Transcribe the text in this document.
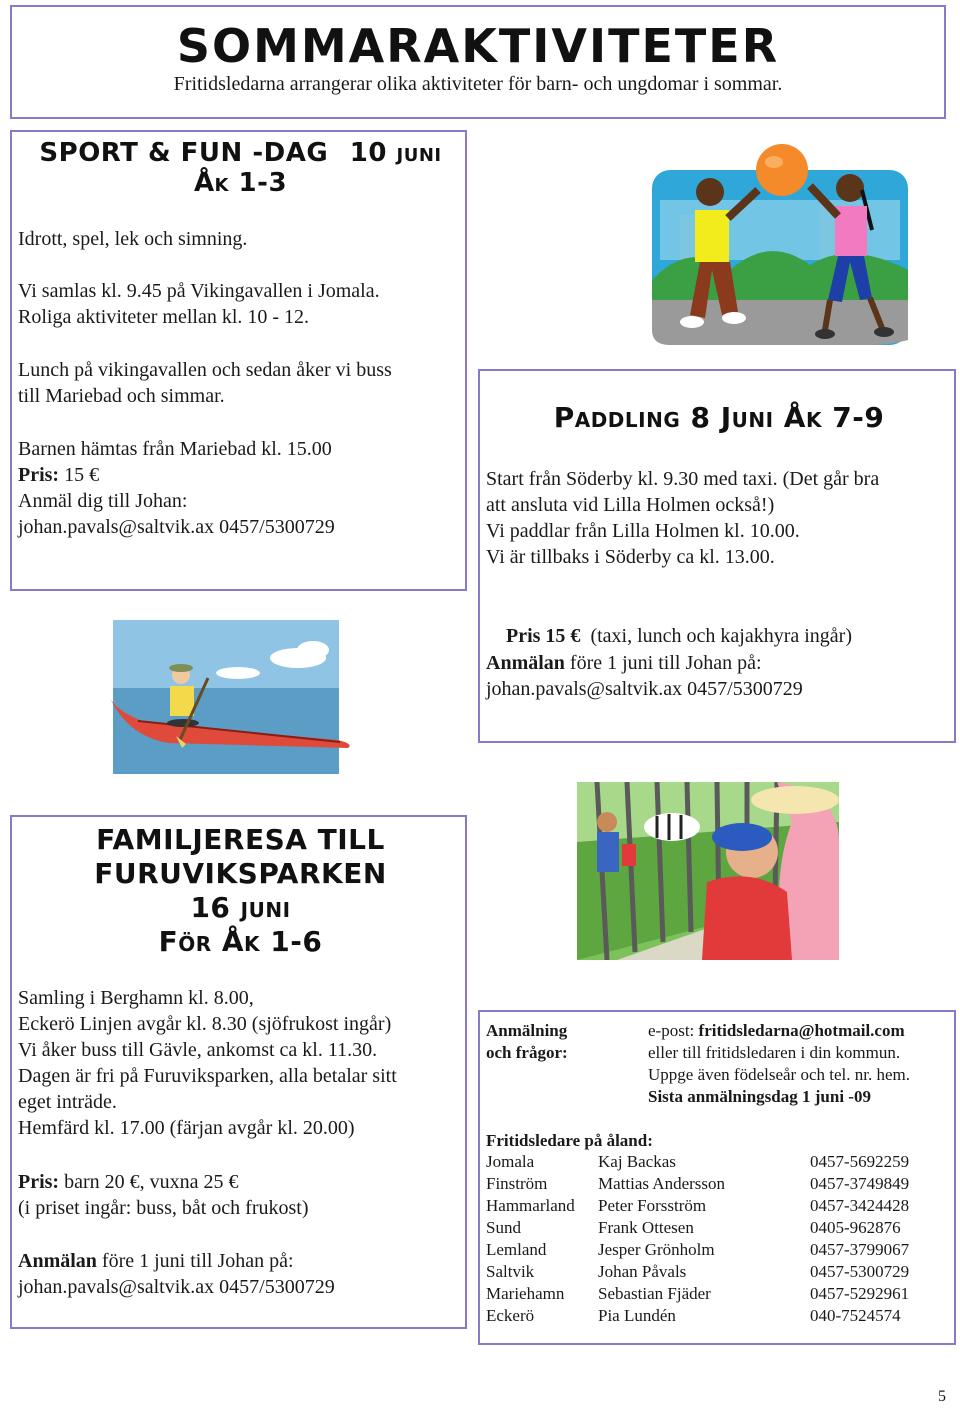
SOMMARAKTIVITETER
Fritidsledarna arrangerar olika aktiviteter för barn- och ungdomar i sommar.
SPORT & FUN -DAG 10 juni
Åk 1-3

Idrott, spel, lek och simning.

Vi samlas kl. 9.45 på Vikingavallen i Jomala.

Roliga aktiviteter mellan kl. 10 - 12.

Lunch på vikingavallen och sedan åker vi buss

till Mariebad och simmar.

Barnen hämtas från Mariebad kl. 15.00

Pris: 15 €

Anmäl dig till Johan:

johan.pavals@saltvik.ax 0457/5300729

Paddling 8 Juni Åk 7-9

Start från Söderby kl. 9.30 med taxi. (Det går bra

att ansluta vid Lilla Holmen också!)

Vi paddlar från Lilla Holmen kl. 10.00.

Vi är tillbaks i Söderby ca kl. 13.00.

Pris 15 €  (taxi, lunch och kajakhyra ingår)

Anmälan före 1 juni till Johan på:

johan.pavals@saltvik.ax 0457/5300729

FAMILJERESA TILL
FURUVIKSPARKEN
16 juni
För Åk 1-6

Samling i Berghamn kl. 8.00,

Eckerö Linjen avgår kl. 8.30 (sjöfrukost ingår)

Vi åker buss till Gävle, ankomst ca kl. 11.30.

Dagen är fri på Furuviksparken, alla betalar sitt

eget inträde.

Hemfärd kl. 17.00 (färjan avgår kl. 20.00)

Pris: barn 20 €, vuxna 25 €

(i priset ingår: buss, båt och frukost)

Anmälan före 1 juni till Johan på:

johan.pavals@saltvik.ax 0457/5300729

Anmälning
och frågor:
e-post: fritidsledarna@hotmail.com
eller till fritidsledaren i din kommun.
Uppge även födelseår och tel. nr. hem.
Sista anmälningsdag 1 juni -09
Fritidsledare på åland:
Jomala	Kaj Backas	0457-5692259
Finström	Mattias Andersson	0457-3749849
Hammarland	Peter Forsström	0457-3424428
Sund	Frank Ottesen	0405-962876
Lemland	Jesper Grönholm	0457-3799067
Saltvik	Johan Påvals	0457-5300729
Mariehamn	Sebastian Fjäder	0457-5292961
Eckerö	Pia Lundén	040-7524574
5
